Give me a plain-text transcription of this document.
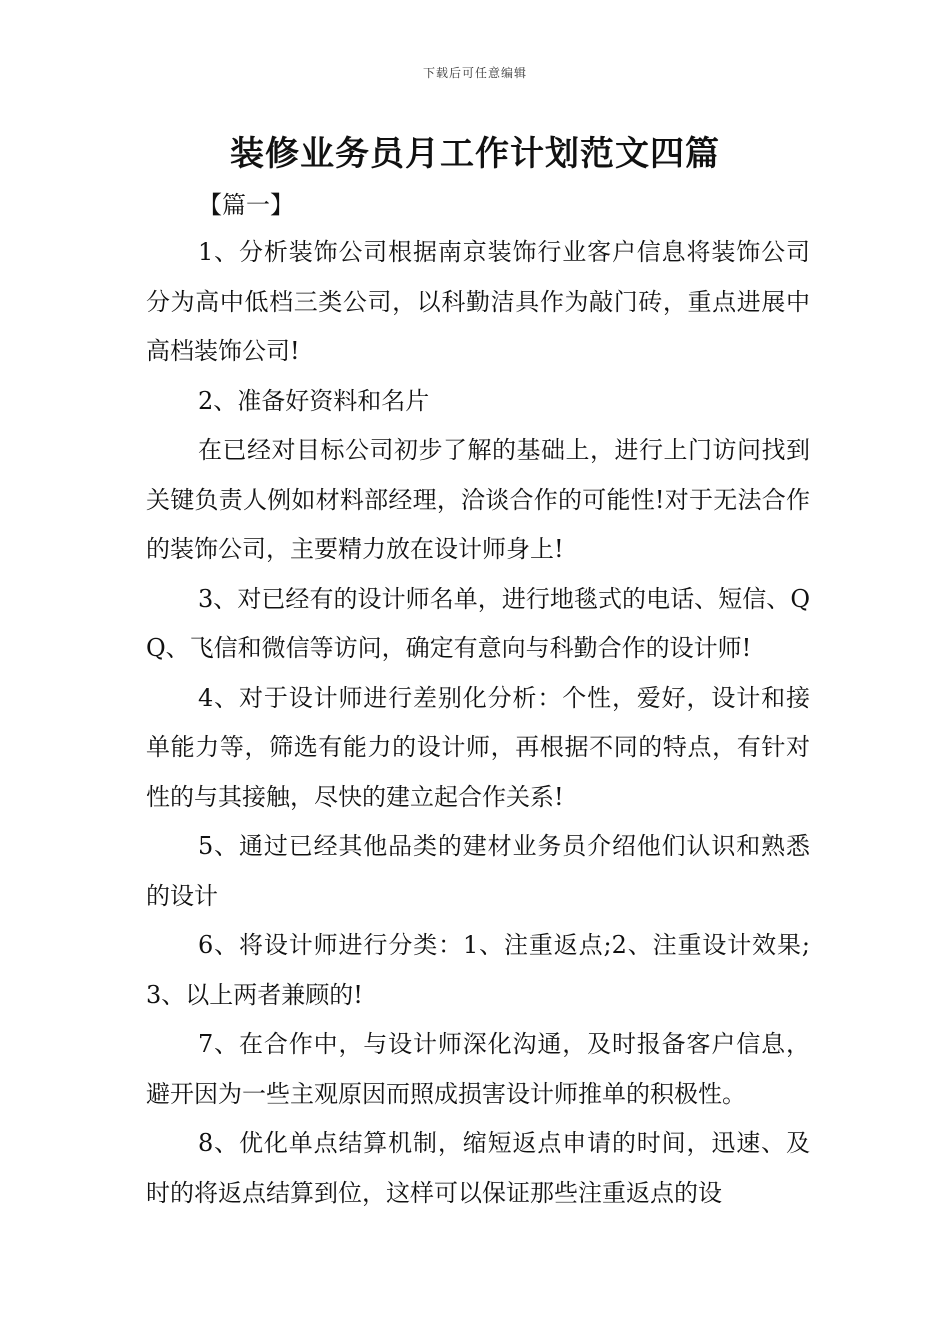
下载后可任意编辑
装修业务员月工作计划范文四篇
【篇一】

1、分析装饰公司根据南京装饰行业客户信息将装饰公司分为高中低档三类公司，以科勤洁具作为敲门砖，重点进展中高档装饰公司!

2、准备好资料和名片

在已经对目标公司初步了解的基础上，进行上门访问找到关键负责人例如材料部经理，洽谈合作的可能性!对于无法合作的装饰公司，主要精力放在设计师身上!

3、对已经有的设计师名单，进行地毯式的电话、短信、QQ、飞信和微信等访问，确定有意向与科勤合作的设计师!

4、对于设计师进行差别化分析：个性，爱好，设计和接单能力等，筛选有能力的设计师，再根据不同的特点，有针对性的与其接触，尽快的建立起合作关系!

5、通过已经其他品类的建材业务员介绍他们认识和熟悉的设计

6、将设计师进行分类：1、注重返点;2、注重设计效果;3、以上两者兼顾的!

7、在合作中，与设计师深化沟通，及时报备客户信息，避开因为一些主观原因而照成损害设计师推单的积极性。

8、优化单点结算机制，缩短返点申请的时间，迅速、及时的将返点结算到位，这样可以保证那些注重返点的设
